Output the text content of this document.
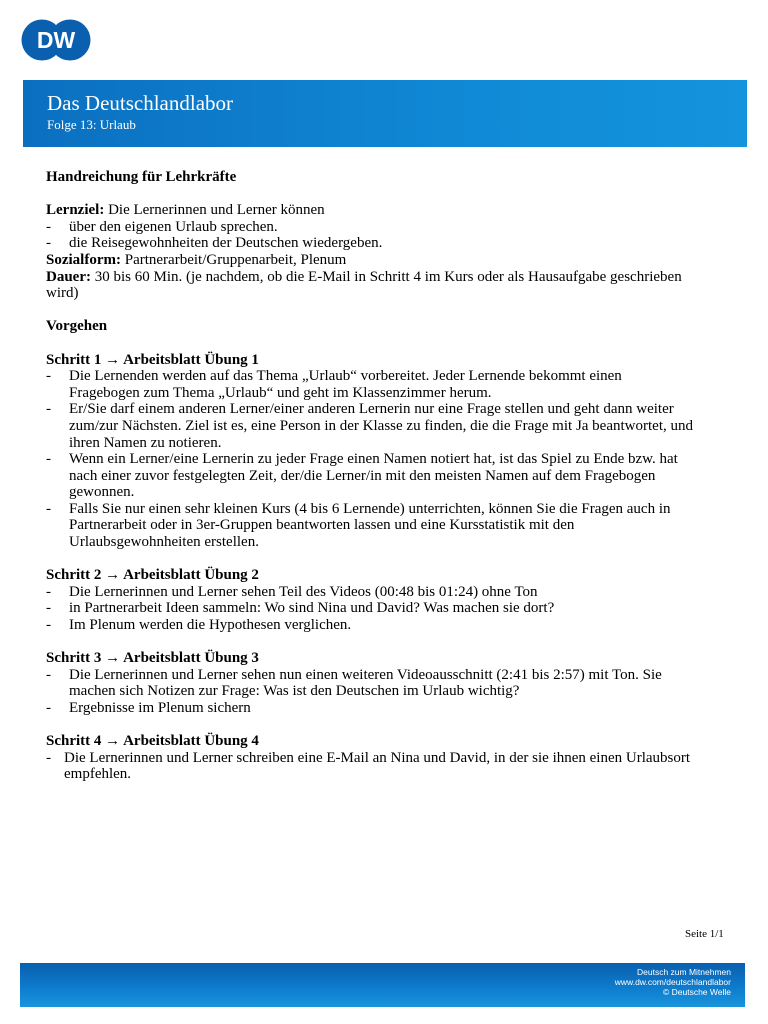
DW
Das Deutschlandlabor
Folge 13: Urlaub

Handreichung für Lehrkräfte

Lernziel: Die Lernerinnen und Lerner können

- über den eigenen Urlaub sprechen.
- die Reisegewohnheiten der Deutschen wiedergeben.

Sozialform: Partnerarbeit/Gruppenarbeit, Plenum

Dauer: 30 bis 60 Min. (je nachdem, ob die E-Mail in Schritt 4 im Kurs oder als Hausaufgabe geschrieben wird)

Vorgehen

Schritt 1 → Arbeitsblatt Übung 1

- Die Lernenden werden auf das Thema „Urlaub“ vorbereitet. Jeder Lernende bekommt einen Fragebogen zum Thema „Urlaub“ und geht im Klassenzimmer herum.
- Er/Sie darf einem anderen Lerner/einer anderen Lernerin nur eine Frage stellen und geht dann weiter zum/zur Nächsten. Ziel ist es, eine Person in der Klasse zu finden, die die Frage mit Ja beantwortet, und ihren Namen zu notieren.
- Wenn ein Lerner/eine Lernerin zu jeder Frage einen Namen notiert hat, ist das Spiel zu Ende bzw. hat nach einer zuvor festgelegten Zeit, der/die Lerner/in mit den meisten Namen auf dem Fragebogen gewonnen.
- Falls Sie nur einen sehr kleinen Kurs (4 bis 6 Lernende) unterrichten, können Sie die Fragen auch in Partnerarbeit oder in 3er-Gruppen beantworten lassen und eine Kursstatistik mit den Urlaubsgewohnheiten erstellen.

Schritt 2 → Arbeitsblatt Übung 2

- Die Lernerinnen und Lerner sehen Teil des Videos (00:48 bis 01:24) ohne Ton
- in Partnerarbeit Ideen sammeln: Wo sind Nina und David? Was machen sie dort?
- Im Plenum werden die Hypothesen verglichen.

Schritt 3 → Arbeitsblatt Übung 3

- Die Lernerinnen und Lerner sehen nun einen weiteren Videoausschnitt (2:41 bis 2:57) mit Ton. Sie machen sich Notizen zur Frage: Was ist den Deutschen im Urlaub wichtig?
- Ergebnisse im Plenum sichern

Schritt 4 → Arbeitsblatt Übung 4

- Die Lernerinnen und Lerner schreiben eine E-Mail an Nina und David, in der sie ihnen einen Urlaubsort empfehlen.
Seite 1/1
Deutsch zum Mitnehmen
www.dw.com/deutschlandlabor
© Deutsche Welle
